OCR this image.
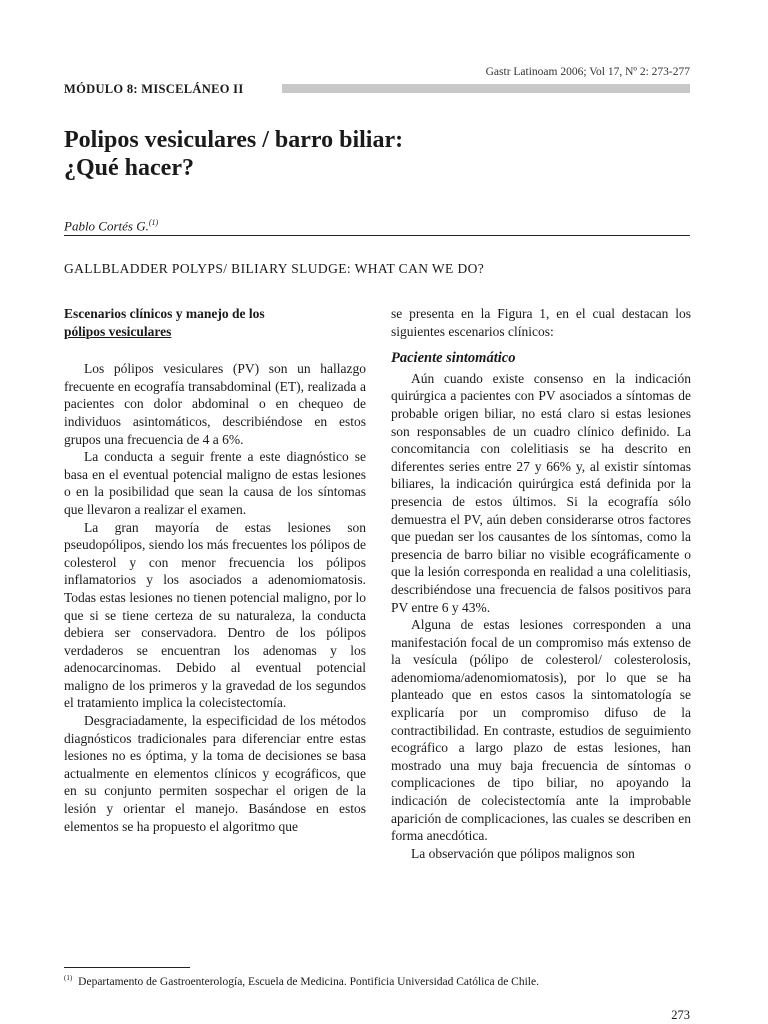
Gastr Latinoam 2006; Vol 17, Nº 2: 273-277
MÓDULO 8: MISCELÁNEO II
Polipos vesiculares / barro biliar:
¿Qué hacer?
Pablo Cortés G.$^{(1)}$
GALLBLADDER POLYPS/ BILIARY SLUDGE: WHAT CAN WE DO?
Escenarios clínicos y manejo de los
pólipos vesiculares

Los pólipos vesiculares (PV) son un hallazgo frecuente en ecografía transabdominal (ET), realizada a pacientes con dolor abdominal o en chequeo de individuos asintomáticos, describiéndose en estos grupos una frecuencia de 4 a 6%.

La conducta a seguir frente a este diagnóstico se basa en el eventual potencial maligno de estas lesiones o en la posibilidad que sean la causa de los síntomas que llevaron a realizar el examen.

La gran mayoría de estas lesiones son pseudopólipos, siendo los más frecuentes los pólipos de colesterol y con menor frecuencia los pólipos inflamatorios y los asociados a adenomiomatosis. Todas estas lesiones no tienen potencial maligno, por lo que si se tiene certeza de su naturaleza, la conducta debiera ser conservadora. Dentro de los pólipos verdaderos se encuentran los adenomas y los adenocarcinomas. Debido al eventual potencial maligno de los primeros y la gravedad de los segundos el tratamiento implica la colecistectomía.

Desgraciadamente, la especificidad de los métodos diagnósticos tradicionales para diferenciar entre estas lesiones no es óptima, y la toma de decisiones se basa actualmente en elementos clínicos y ecográficos, que en su conjunto permiten sospechar el origen de la lesión y orientar el manejo. Basándose en estos elementos se ha propuesto el algoritmo que

se presenta en la Figura 1, en el cual destacan los siguientes escenarios clínicos:

Paciente sintomático

Aún cuando existe consenso en la indicación quirúrgica a pacientes con PV asociados a síntomas de probable origen biliar, no está claro si estas lesiones son responsables de un cuadro clínico definido. La concomitancia con colelitiasis se ha descrito en diferentes series entre 27 y 66% y, al existir síntomas biliares, la indicación quirúrgica está definida por la presencia de estos últimos. Si la ecografía sólo demuestra el PV, aún deben considerarse otros factores que puedan ser los causantes de los síntomas, como la presencia de barro biliar no visible ecográficamente o que la lesión corresponda en realidad a una colelitiasis, describiéndose una frecuencia de falsos positivos para PV entre 6 y 43%.

Alguna de estas lesiones corresponden a una manifestación focal de un compromiso más extenso de la vesícula (pólipo de colesterol/ colesterolosis, adenomioma/adenomiomatosis), por lo que se ha planteado que en estos casos la sintomatología se explicaría por un compromiso difuso de la contractibilidad. En contraste, estudios de seguimiento ecográfico a largo plazo de estas lesiones, han mostrado una muy baja frecuencia de síntomas o complicaciones de tipo biliar, no apoyando la indicación de colecistectomía ante la improbable aparición de complicaciones, las cuales se describen en forma anecdótica.

La observación que pólipos malignos son

$^{(1)}$ Departamento de Gastroenterología, Escuela de Medicina. Pontificia Universidad Católica de Chile.
273
